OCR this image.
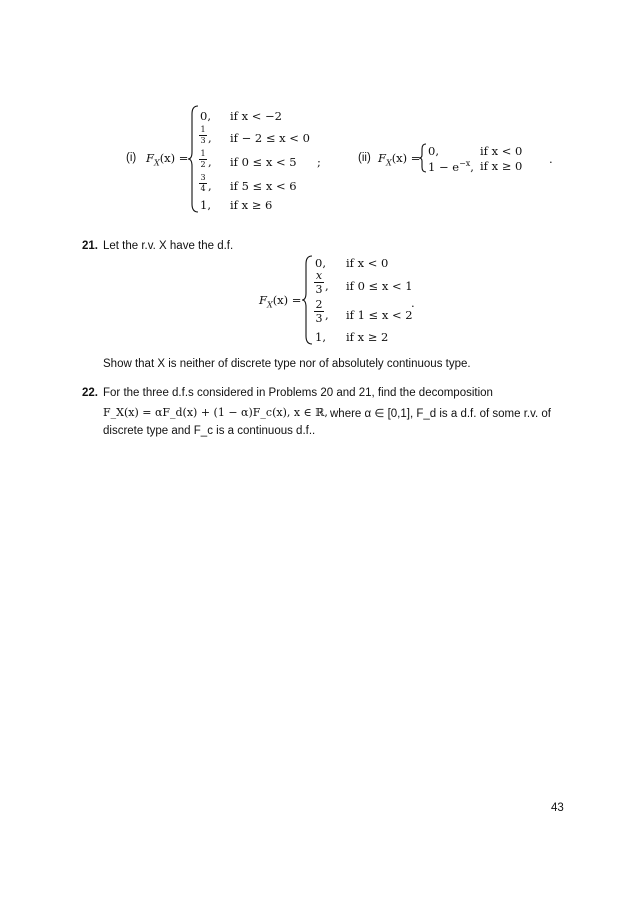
(i) $F_X(x)$ =
0, if x < −2
1
3 , if − 2 ≤ x < 0
1
2 , if 0 ≤ x < 5
3
4 , if 5 ≤ x < 6
1, if x ≥ 6
;	(ii) $F_X(x) = 0$,	if x < 0
$1 - e^{-x}$, if x ≥ 0 .
21. Let the r.v. X have the d.f.
$F_X(x)$ =
0, if x < 0
x
3 , if 0 ≤ x < 1
2
3 , if 1 ≤ x < 2
1, if x ≥ 2
.
Show that X is neither of discrete type nor of absolutely continuous type.
22. For the three d.f.s considered in Problems 20 and 21, find the decomposition
F_X(x) = αF_d(x) + (1 − α)F_c(x), x ∈ ℝ, where α ∈ [0,1], F_d is a d.f. of some r.v. of
discrete type and F_c is a continuous d.f..
43
